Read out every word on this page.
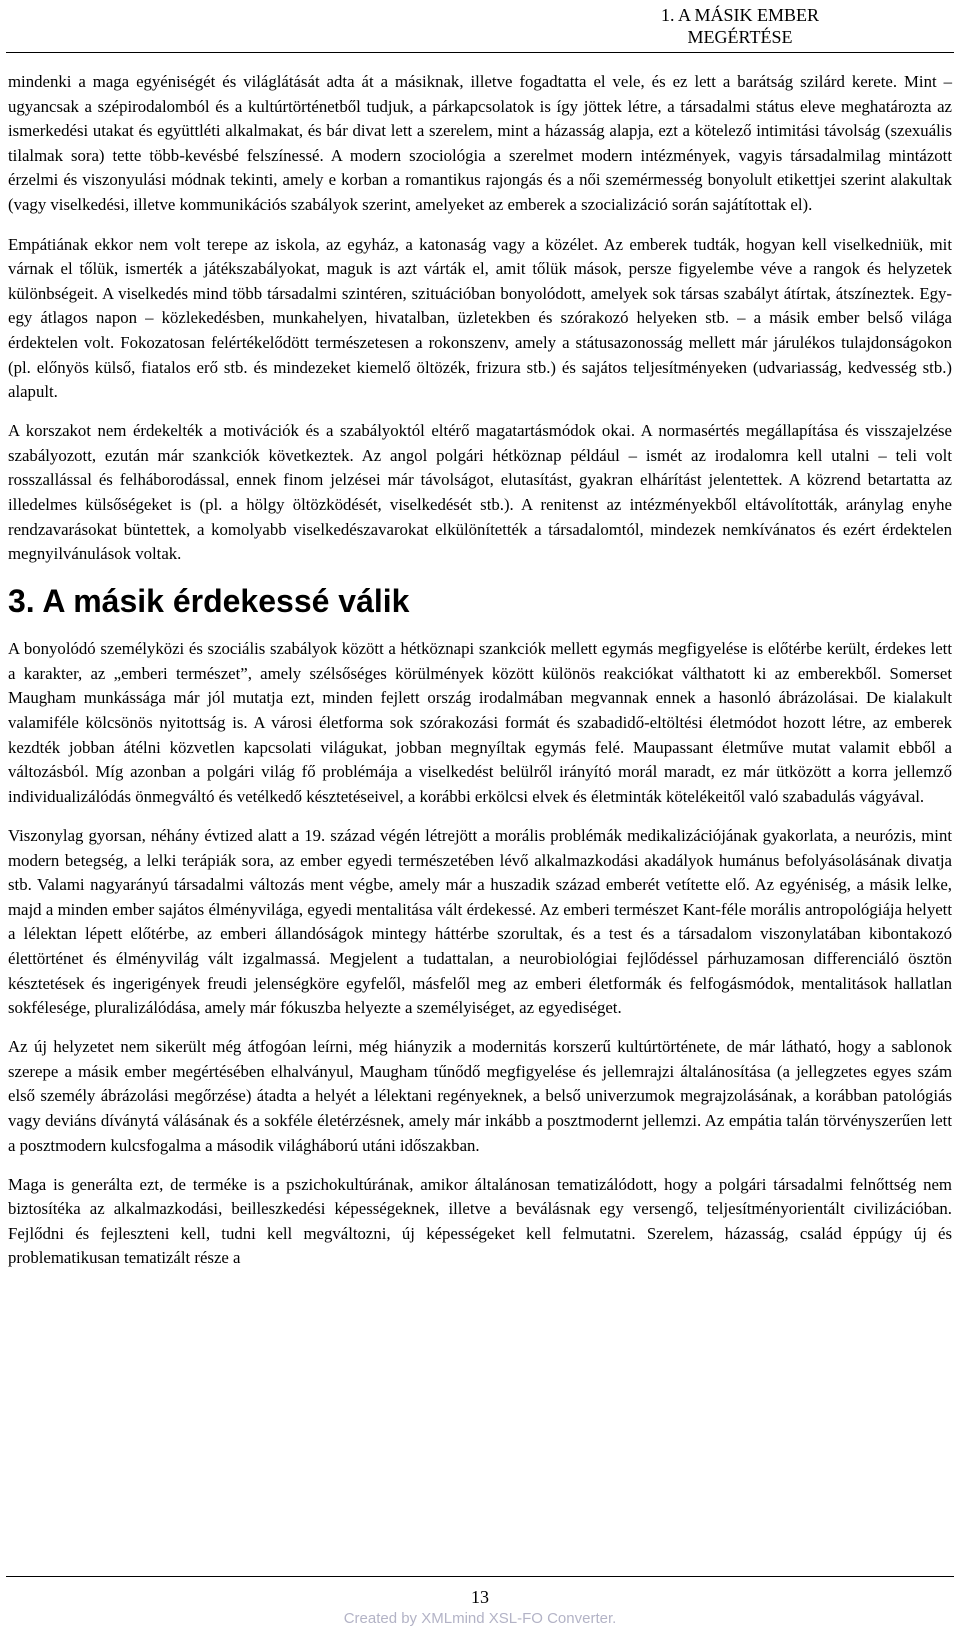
1. A MÁSIK EMBER
MEGÉRTÉSE

mindenki a maga egyéniségét és világlátását adta át a másiknak, illetve fogadtatta el vele, és ez lett a barátság szilárd kerete. Mint – ugyancsak a szépirodalomból és a kultúrtörténetből tudjuk, a párkapcsolatok is így jöttek létre, a társadalmi státus eleve meghatározta az ismerkedési utakat és együttléti alkalmakat, és bár divat lett a szerelem, mint a házasság alapja, ezt a kötelező intimitási távolság (szexuális tilalmak sora) tette több-kevésbé felszínessé. A modern szociológia a szerelmet modern intézmények, vagyis társadalmilag mintázott érzelmi és viszonyulási módnak tekinti, amely e korban a romantikus rajongás és a női szemérmesség bonyolult etikettjei szerint alakultak (vagy viselkedési, illetve kommunikációs szabályok szerint, amelyeket az emberek a szocializáció során sajátítottak el).

Empátiának ekkor nem volt terepe az iskola, az egyház, a katonaság vagy a közélet. Az emberek tudták, hogyan kell viselkedniük, mit várnak el tőlük, ismerték a játékszabályokat, maguk is azt várták el, amit tőlük mások, persze figyelembe véve a rangok és helyzetek különbségeit. A viselkedés mind több társadalmi szintéren, szituációban bonyolódott, amelyek sok társas szabályt átírtak, átszíneztek. Egy-egy átlagos napon – közlekedésben, munkahelyen, hivatalban, üzletekben és szórakozó helyeken stb. – a másik ember belső világa érdektelen volt. Fokozatosan felértékelődött természetesen a rokonszenv, amely a státusazonosság mellett már járulékos tulajdonságokon (pl. előnyös külső, fiatalos erő stb. és mindezeket kiemelő öltözék, frizura stb.) és sajátos teljesítményeken (udvariasság, kedvesség stb.) alapult.

A korszakot nem érdekelték a motivációk és a szabályoktól eltérő magatartásmódok okai. A normasértés megállapítása és visszajelzése szabályozott, ezután már szankciók következtek. Az angol polgári hétköznap például – ismét az irodalomra kell utalni – teli volt rosszallással és felháborodással, ennek finom jelzései már távolságot, elutasítást, gyakran elhárítást jelentettek. A közrend betartatta az illedelmes külsőségeket is (pl. a hölgy öltözködését, viselkedését stb.). A renitenst az intézményekből eltávolították, aránylag enyhe rendzavarásokat büntettek, a komolyabb viselkedészavarokat elkülönítették a társadalomtól, mindezek nemkívánatos és ezért érdektelen megnyilvánulások voltak.

3. A másik érdekessé válik

A bonyolódó személyközi és szociális szabályok között a hétköznapi szankciók mellett egymás megfigyelése is előtérbe került, érdekes lett a karakter, az „emberi természet”, amely szélsőséges körülmények között különös reakciókat válthatott ki az emberekből. Somerset Maugham munkássága már jól mutatja ezt, minden fejlett ország irodalmában megvannak ennek a hasonló ábrázolásai. De kialakult valamiféle kölcsönös nyitottság is. A városi életforma sok szórakozási formát és szabadidő-eltöltési életmódot hozott létre, az emberek kezdték jobban átélni közvetlen kapcsolati világukat, jobban megnyíltak egymás felé. Maupassant életműve mutat valamit ebből a változásból. Míg azonban a polgári világ fő problémája a viselkedést belülről irányító morál maradt, ez már ütközött a korra jellemző individualizálódás önmegváltó és vetélkedő késztetéseivel, a korábbi erkölcsi elvek és életminták kötelékeitől való szabadulás vágyával.

Viszonylag gyorsan, néhány évtized alatt a 19. század végén létrejött a morális problémák medikalizációjának gyakorlata, a neurózis, mint modern betegség, a lelki terápiák sora, az ember egyedi természetében lévő alkalmazkodási akadályok humánus befolyásolásának divatja stb. Valami nagyarányú társadalmi változás ment végbe, amely már a huszadik század emberét vetítette elő. Az egyéniség, a másik lelke, majd a minden ember sajátos élményvilága, egyedi mentalitása vált érdekessé. Az emberi természet Kant-féle morális antropológiája helyett a lélektan lépett előtérbe, az emberi állandóságok mintegy háttérbe szorultak, és a test és a társadalom viszonylatában kibontakozó élettörténet és élményvilág vált izgalmassá. Megjelent a tudattalan, a neurobiológiai fejlődéssel párhuzamosan differenciáló ösztön késztetések és ingerigények freudi jelenségköre egyfelől, másfelől meg az emberi életformák és felfogásmódok, mentalitások hallatlan sokfélesége, pluralizálódása, amely már fókuszba helyezte a személyiséget, az egyediséget.

Az új helyzetet nem sikerült még átfogóan leírni, még hiányzik a modernitás korszerű kultúrtörténete, de már látható, hogy a sablonok szerepe a másik ember megértésében elhalványul, Maugham tűnődő megfigyelése és jellemrajzi általánosítása (a jellegzetes egyes szám első személy ábrázolási megőrzése) átadta a helyét a lélektani regényeknek, a belső univerzumok megrajzolásának, a korábban patológiás vagy deviáns díványtá válásának és a sokféle életérzésnek, amely már inkább a posztmodernt jellemzi. Az empátia talán törvényszerűen lett a posztmodern kulcsfogalma a második világháború utáni időszakban.

Maga is generálta ezt, de terméke is a pszichokultúrának, amikor általánosan tematizálódott, hogy a polgári társadalmi felnőttség nem biztosítéka az alkalmazkodási, beilleszkedési képességeknek, illetve a beválásnak egy versengő, teljesítményorientált civilizációban. Fejlődni és fejleszteni kell, tudni kell megváltozni, új képességeket kell felmutatni. Szerelem, házasság, család éppúgy új és problematikusan tematizált része a

13
Created by XMLmind XSL-FO Converter.
